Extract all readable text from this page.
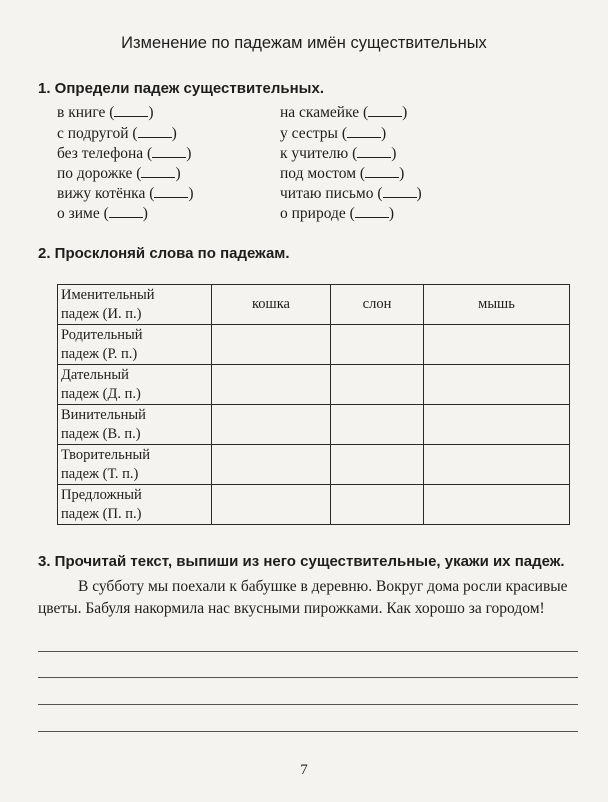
Изменение по падежам имён существительных
1. Определи падеж существительных.
в книге ( )
с подругой ( )
без телефона ( )
по дорожке ( )
вижу котёнка ( )
о зиме ( )
на скамейке ( )
у сестры ( )
к учителю ( )
под мостом ( )
читаю письмо ( )
о природе ( )
2. Просклоняй слова по падежам.
Именительный
падеж (И. п.)	кошка	слон	мышь
Родительный
падеж (Р. п.)			
Дательный
падеж (Д. п.)			
Винительный
падеж (В. п.)			
Творительный
падеж (Т. п.)			
Предложный
падеж (П. п.)			
3. Прочитай текст, выпиши из него существительные, укажи их падеж.
В субботу мы поехали к бабушке в деревню. Вокруг дома росли красивые цветы. Бабуля накормила нас вкусными пирожками. Как хорошо за городом!
7
